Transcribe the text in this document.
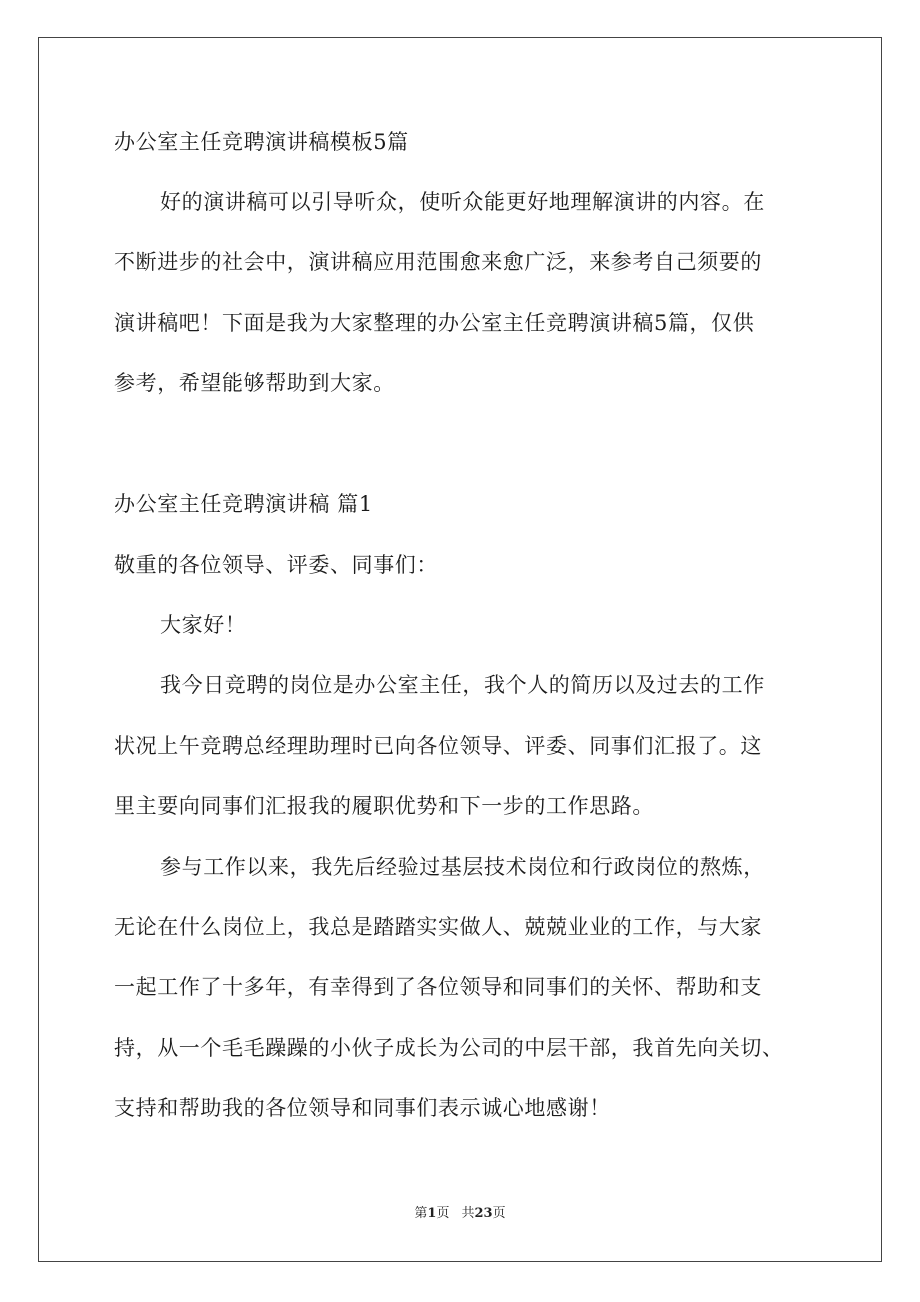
办公室主任竞聘演讲稿模板5篇
好的演讲稿可以引导听众，使听众能更好地理解演讲的内容。在
不断进步的社会中，演讲稿应用范围愈来愈广泛，来参考自己须要的
演讲稿吧！下面是我为大家整理的办公室主任竞聘演讲稿5篇，仅供
参考，希望能够帮助到大家。
办公室主任竞聘演讲稿 篇1
敬重的各位领导、评委、同事们：
大家好！
我今日竞聘的岗位是办公室主任，我个人的简历以及过去的工作
状况上午竞聘总经理助理时已向各位领导、评委、同事们汇报了。这
里主要向同事们汇报我的履职优势和下一步的工作思路。
参与工作以来，我先后经验过基层技术岗位和行政岗位的熬炼，
无论在什么岗位上，我总是踏踏实实做人、兢兢业业的工作，与大家
一起工作了十多年，有幸得到了各位领导和同事们的关怀、帮助和支
持，从一个毛毛躁躁的小伙子成长为公司的中层干部，我首先向关切、
支持和帮助我的各位领导和同事们表示诚心地感谢！
第1页 共23页
